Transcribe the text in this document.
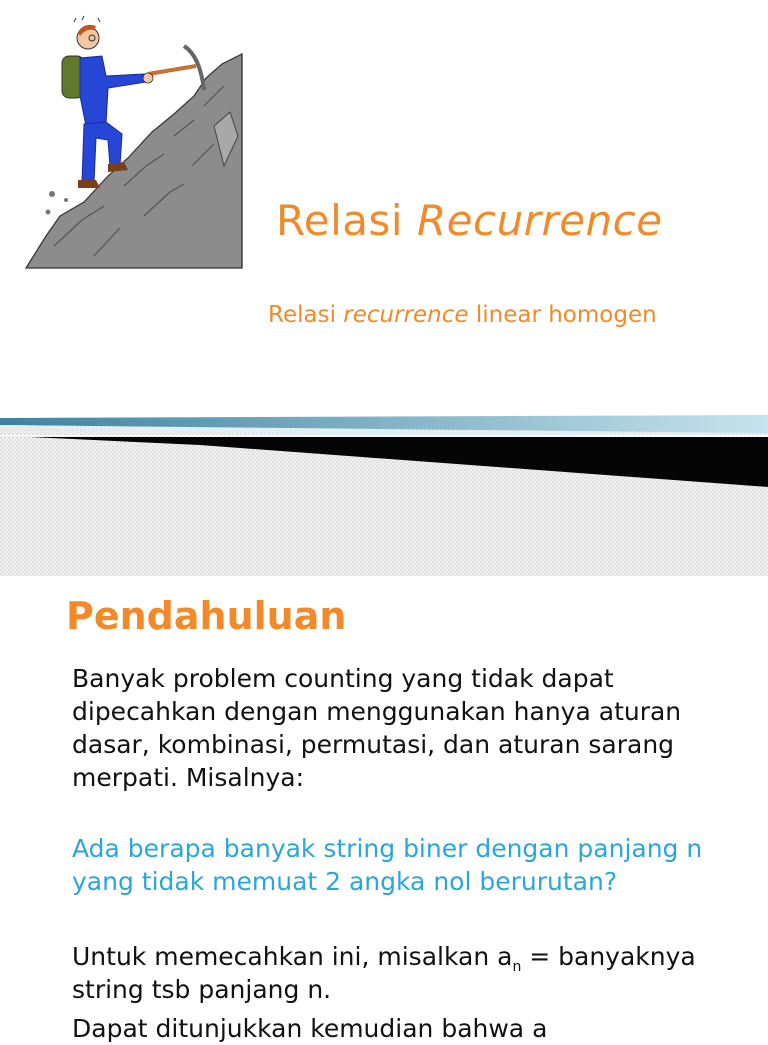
Relasi Recurrence
Relasi recurrence linear homogen
Pendahuluan
Banyak problem counting yang tidak dapat dipecahkan dengan menggunakan hanya aturan dasar, kombinasi, permutasi, dan aturan sarang merpati. Misalnya:
Ada berapa banyak string biner dengan panjang n yang tidak memuat 2 angka nol berurutan?
Untuk memecahkan ini, misalkan $a_n$ = banyaknya string tsb panjang n.
Dapat ditunjukkan kemudian bahwa a
